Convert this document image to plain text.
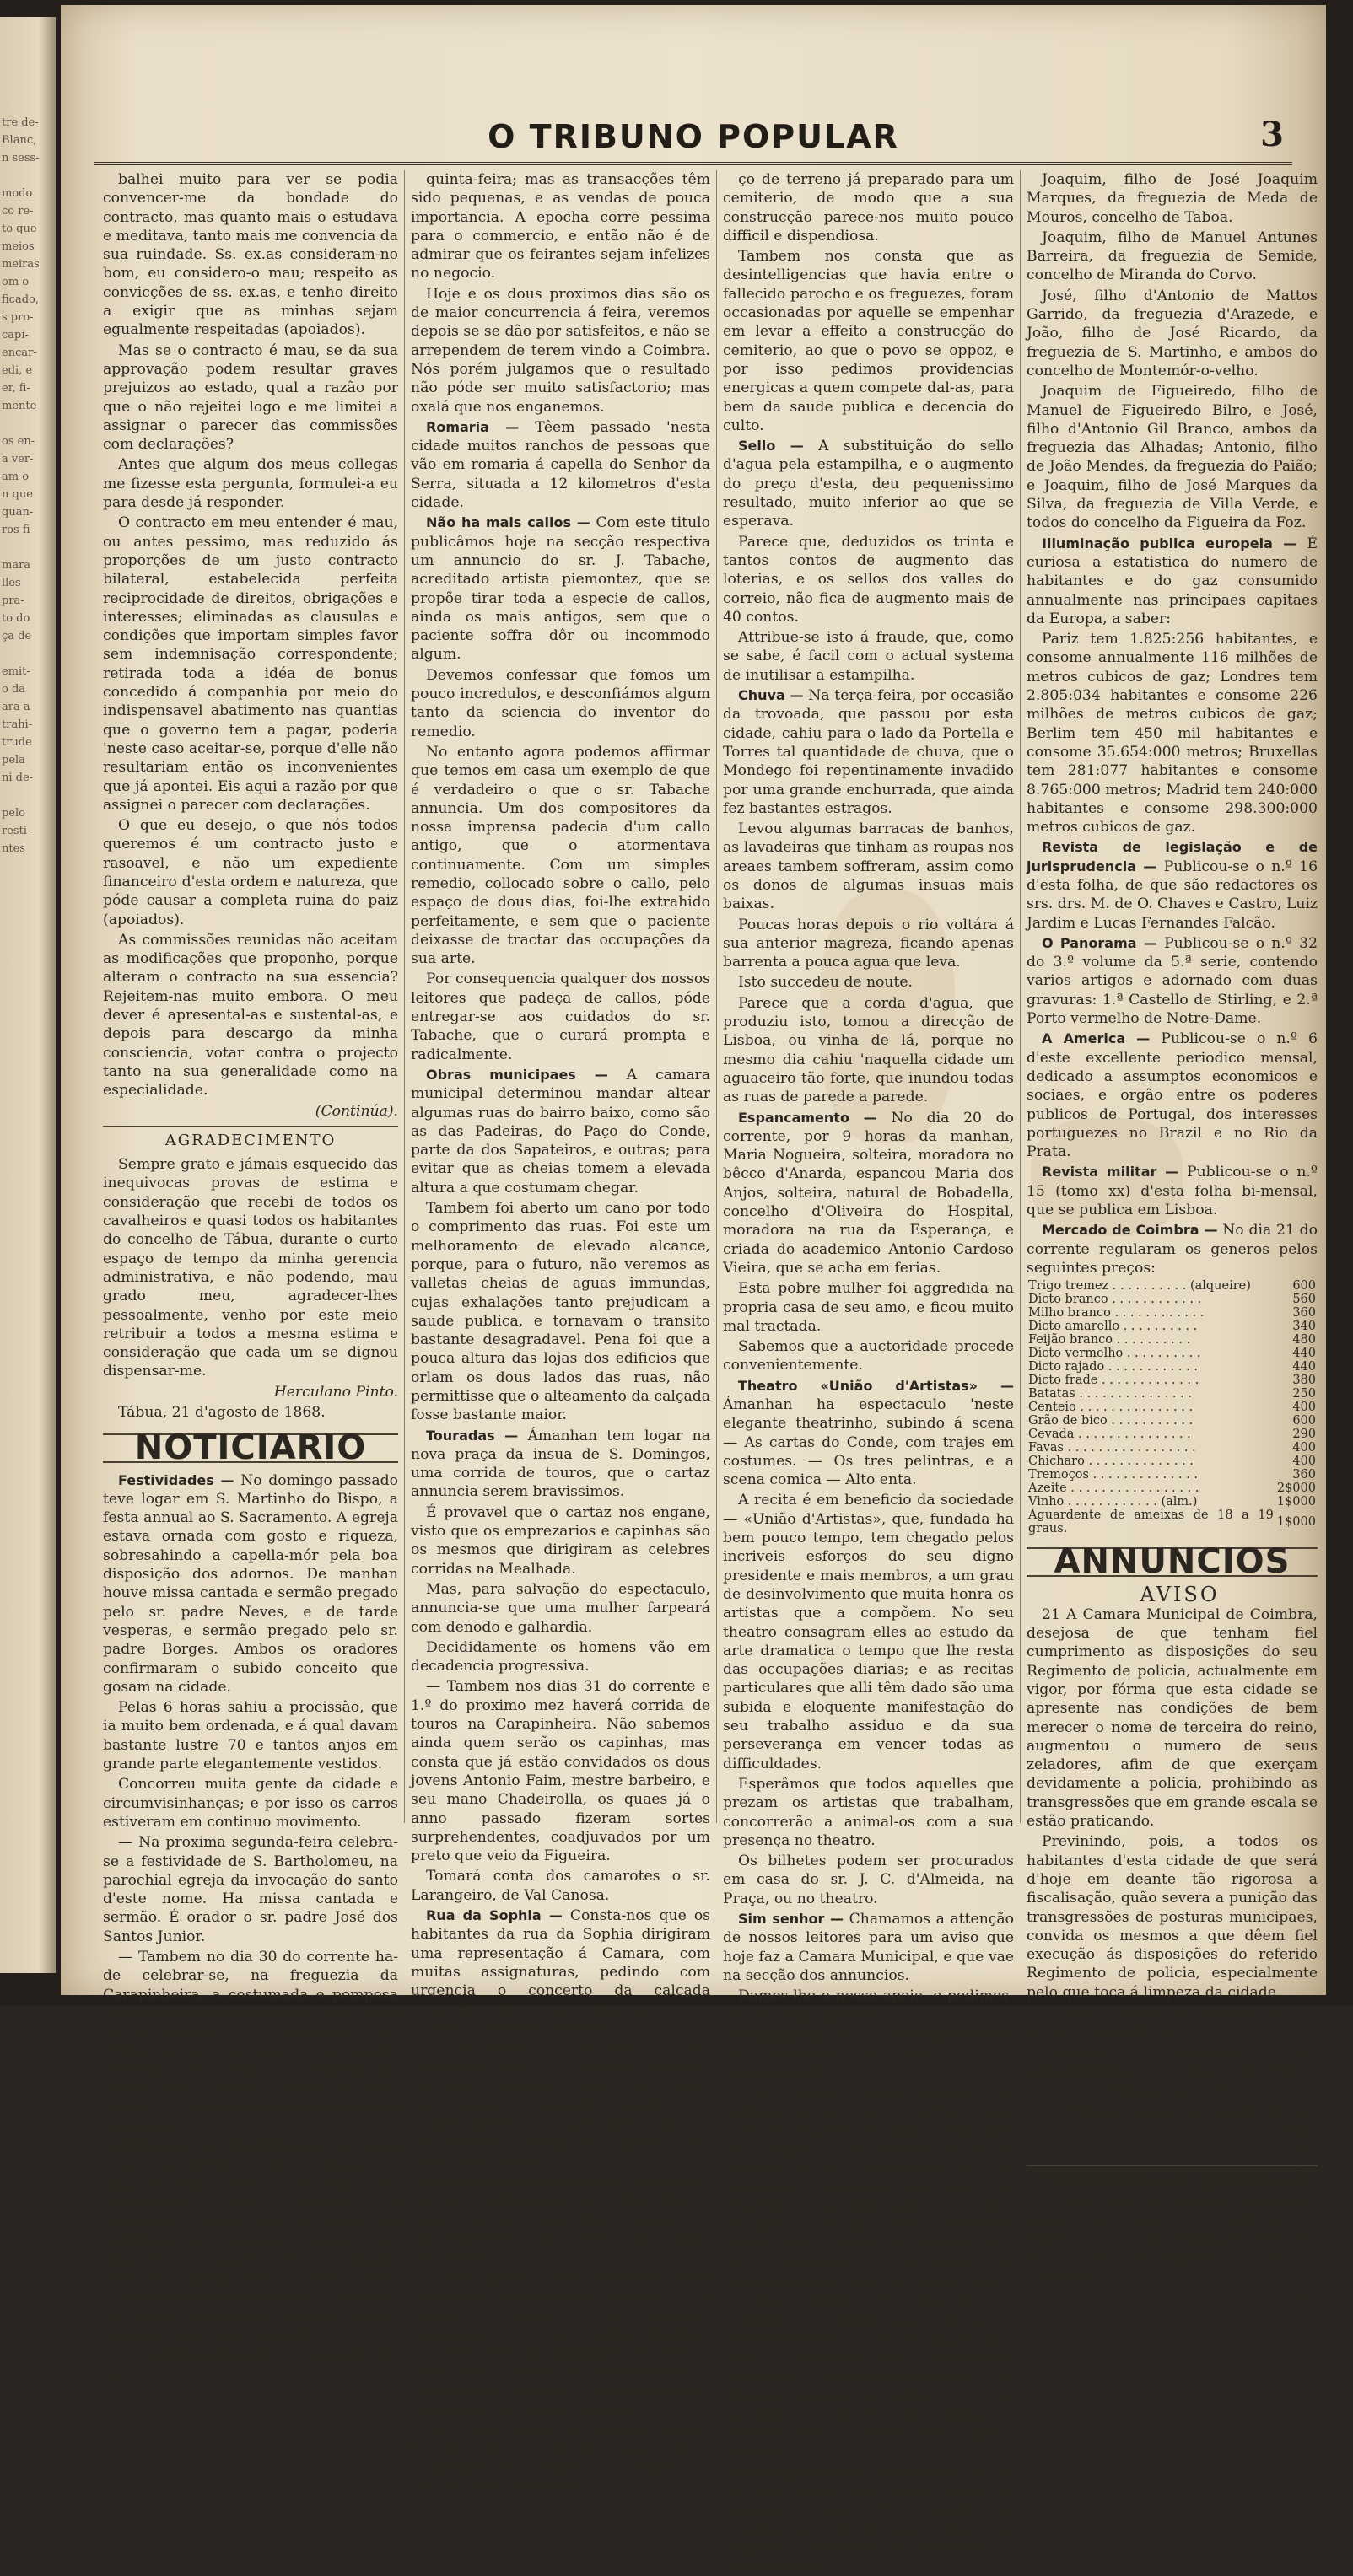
tre de-
Blanc,
n sess-
modo
co re-
to que
meios
meiras
om o
ficado,
s pro-
capi-
encar-
edi, e
er, fi-
mente
os en-
a ver-
am o
n que
quan-
ros fi-
mara
lles
pra-
to do
ça de
emit-
o da
ara a
trahi-
trude
pela
ni de-
pelo
resti-
ntes
O TRIBUNO POPULAR	3

balhei muito para ver se podia convencer-me da bondade do contracto, mas quanto mais o estudava e meditava, tanto mais me convencia da sua ruindade. Ss. ex.as consideram-no bom, eu considero-o mau; respeito as convicções de ss. ex.as, e tenho direito a exigir que as minhas sejam egualmente respeitadas (apoiados).

Mas se o contracto é mau, se da sua approvação podem resultar graves prejuizos ao estado, qual a razão por que o não rejeitei logo e me limitei a assignar o parecer das commissões com declarações?

Antes que algum dos meus collegas me fizesse esta pergunta, formulei-a eu para desde já responder.

O contracto em meu entender é mau, ou antes pessimo, mas reduzido ás proporções de um justo contracto bilateral, estabelecida perfeita reciprocidade de direitos, obrigações e interesses; eliminadas as clausulas e condições que importam simples favor sem indemnisação correspondente; retirada toda a idéa de bonus concedido á companhia por meio do indispensavel abatimento nas quantias que o governo tem a pagar, poderia 'neste caso aceitar-se, porque d'elle não resultariam então os inconvenientes que já apontei. Eis aqui a razão por que assignei o parecer com declarações.

O que eu desejo, o que nós todos queremos é um contracto justo e rasoavel, e não um expediente financeiro d'esta ordem e natureza, que póde causar a completa ruina do paiz (apoiados).

As commissões reunidas não aceitam as modificações que proponho, porque alteram o contracto na sua essencia? Rejeitem-nas muito embora. O meu dever é apresental-as e sustental-as, e depois para descargo da minha consciencia, votar contra o projecto tanto na sua generalidade como na especialidade.

(Continúa).

AGRADECIMENTO

Sempre grato e jámais esquecido das inequivocas provas de estima e consideração que recebi de todos os cavalheiros e quasi todos os habitantes do concelho de Tábua, durante o curto espaço de tempo da minha gerencia administrativa, e não podendo, mau grado meu, agradecer-lhes pessoalmente, venho por este meio retribuir a todos a mesma estima e consideração que cada um se dignou dispensar-me.

Herculano Pinto.

Tábua, 21 d'agosto de 1868.

NOTICIARIO

Festividades — No domingo passado teve logar em S. Martinho do Bispo, a festa annual ao S. Sacramento. A egreja estava ornada com gosto e riqueza, sobresahindo a capella-mór pela boa disposição dos adornos. De manhan houve missa cantada e sermão pregado pelo sr. padre Neves, e de tarde vesperas, e sermão pregado pelo sr. padre Borges. Ambos os oradores confirmaram o subido conceito que gosam na cidade.

Pelas 6 horas sahiu a procissão, que ia muito bem ordenada, e á qual davam bastante lustre 70 e tantos anjos em grande parte elegantemente vestidos.

Concorreu muita gente da cidade e circumvisinhanças; e por isso os carros estiveram em continuo movimento.

— Na proxima segunda-feira celebra-se a festividade de S. Bartholomeu, na parochial egreja da invocação do santo d'este nome. Ha missa cantada e sermão. É orador o sr. padre José dos Santos Junior.

— Tambem no dia 30 do corrente ha-de celebrar-se, na freguezia da Carapinheira, a costumada e pomposa festa de Nossa Senhora das Dores, com missa solemne e procissão. São oradores, de manhan o sr. padre Torreira, e de tarde o sr. vigario das Means. Na vespera á noute ha fogo preso, e a tudo assistirá a philarmonica Boa-União.

Feira de S. Bartholomeu — Esta feira, que ainda ha poucos annos era uma das mais notaveis do reino, está actualmente muito reduzida, e ressentiu-se, como todas as outras, da facilidade de communicações, que torna desnecessarios estes mercados annuaes. Apesar d'isso 'neste anno concorrem muitos feirantes, e por isso ha grande numero de barracas, talvez superior ao do anno passado.

Os estabelecimentos foram abertos na

quinta-feira; mas as transacções têm sido pequenas, e as vendas de pouca importancia. A epocha corre pessima para o commercio, e então não é de admirar que os feirantes sejam infelizes no negocio.

Hoje e os dous proximos dias são os de maior concurrencia á feira, veremos depois se se dão por satisfeitos, e não se arrependem de terem vindo a Coimbra. Nós porém julgamos que o resultado não póde ser muito satisfactorio; mas oxalá que nos enganemos.

Romaria — Têem passado 'nesta cidade muitos ranchos de pessoas que vão em romaria á capella do Senhor da Serra, situada a 12 kilometros d'esta cidade.

Não ha mais callos — Com este titulo publicâmos hoje na secção respectiva um annuncio do sr. J. Tabache, acreditado artista piemontez, que se propõe tirar toda a especie de callos, ainda os mais antigos, sem que o paciente soffra dôr ou incommodo algum.

Devemos confessar que fomos um pouco incredulos, e desconfiámos algum tanto da sciencia do inventor do remedio.

No entanto agora podemos affirmar que temos em casa um exemplo de que é verdadeiro o que o sr. Tabache annuncia. Um dos compositores da nossa imprensa padecia d'um callo antigo, que o atormentava continuamente. Com um simples remedio, collocado sobre o callo, pelo espaço de dous dias, foi-lhe extrahido perfeitamente, e sem que o paciente deixasse de tractar das occupações da sua arte.

Por consequencia qualquer dos nossos leitores que padeça de callos, póde entregar-se aos cuidados do sr. Tabache, que o curará prompta e radicalmente.

Obras municipaes — A camara municipal determinou mandar altear algumas ruas do bairro baixo, como são as das Padeiras, do Paço do Conde, parte da dos Sapateiros, e outras; para evitar que as cheias tomem a elevada altura a que costumam chegar.

Tambem foi aberto um cano por todo o comprimento das ruas. Foi este um melhoramento de elevado alcance, porque, para o futuro, não veremos as valletas cheias de aguas immundas, cujas exhalações tanto prejudicam a saude publica, e tornavam o transito bastante desagradavel. Pena foi que a pouca altura das lojas dos edificios que orlam os dous lados das ruas, não permittisse que o alteamento da calçada fosse bastante maior.

Touradas — Ámanhan tem logar na nova praça da insua de S. Domingos, uma corrida de touros, que o cartaz annuncia serem bravissimos.

É provavel que o cartaz nos engane, visto que os emprezarios e capinhas são os mesmos que dirigiram as celebres corridas na Mealhada.

Mas, para salvação do espectaculo, annuncia-se que uma mulher farpeará com denodo e galhardia.

Decididamente os homens vão em decadencia progressiva.

— Tambem nos dias 31 do corrente e 1.º do proximo mez haverá corrida de touros na Carapinheira. Não sabemos ainda quem serão os capinhas, mas consta que já estão convidados os dous jovens Antonio Faim, mestre barbeiro, e seu mano Chadeirolla, os quaes já o anno passado fizeram sortes surprehendentes, coadjuvados por um preto que veio da Figueira.

Tomará conta dos camarotes o sr. Larangeiro, de Val Canosa.

Rua da Sophia — Consta-nos que os habitantes da rua da Sophia dirigiram uma representação á Camara, com muitas assignaturas, pedindo com urgencia o concerto da calçada d'aquella rua, a mais principal d'esta cidade e a mais transitada.

É de justiça o pedido, e nós esperamos que a Camara mandará proceder áquella obra de tanta necessidade, evitando assim os inconvenientes e prejuizos que a pessima tem causado aos edificios e aos habitantes da rua.

Pedimos providencias — Informam-nos que na freguezia de S. Martinho do Bispo, d'este concelho, ainda os enterramentos são feitos na egreja parochial.

Esta freguezia é muito populosa, e por isso o numero dos obitos é grande; e ou porque o templo é de pequenas proporções, ou por outra qualquer circumstancia que ignoramos, ha muitas vezes mau cheiro, que incommoda as pessoas que 'naquelle templo assistem á celebração dos officios divinos.

Isto é consequencia, segundo cremos, de desleixo e incuria, tanto mais indisculpaveis, quanto, contiguo á egreja, existe um peda-

ço de terreno já preparado para um cemiterio, de modo que a sua construcção parece-nos muito pouco difficil e dispendiosa.

Tambem nos consta que as desintelligencias que havia entre o fallecido parocho e os freguezes, foram occasionadas por aquelle se empenhar em levar a effeito a construcção do cemiterio, ao que o povo se oppoz, e por isso pedimos providencias energicas a quem compete dal-as, para bem da saude publica e decencia do culto.

Sello — A substituição do sello d'agua pela estampilha, e o augmento do preço d'esta, deu pequenissimo resultado, muito inferior ao que se esperava.

Parece que, deduzidos os trinta e tantos contos de augmento das loterias, e os sellos dos valles do correio, não fica de augmento mais de 40 contos.

Attribue-se isto á fraude, que, como se sabe, é facil com o actual systema de inutilisar a estampilha.

Chuva — Na terça-feira, por occasião da trovoada, que passou por esta cidade, cahiu para o lado da Portella e Torres tal quantidade de chuva, que o Mondego foi repentinamente invadido por uma grande enchurrada, que ainda fez bastantes estragos.

Levou algumas barracas de banhos, as lavadeiras que tinham as roupas nos areaes tambem soffreram, assim como os donos de algumas insuas mais baixas.

Poucas horas depois o rio voltára á sua anterior magreza, ficando apenas barrenta a pouca agua que leva.

Isto succedeu de noute.

Parece que a corda d'agua, que produziu isto, tomou a direcção de Lisboa, ou vinha de lá, porque no mesmo dia cahiu 'naquella cidade um aguaceiro tão forte, que inundou todas as ruas de parede a parede.

Espancamento — No dia 20 do corrente, por 9 horas da manhan, Maria Nogueira, solteira, moradora no bêcco d'Anarda, espancou Maria dos Anjos, solteira, natural de Bobadella, concelho d'Oliveira do Hospital, moradora na rua da Esperança, e criada do academico Antonio Cardoso Vieira, que se acha em ferias.

Esta pobre mulher foi aggredida na propria casa de seu amo, e ficou muito mal tractada.

Sabemos que a auctoridade procede convenientemente.

Theatro «União d'Artistas» — Ámanhan ha espectaculo 'neste elegante theatrinho, subindo á scena — As cartas do Conde, com trajes em costumes. — Os tres pelintras, e a scena comica — Alto enta.

A recita é em beneficio da sociedade — «União d'Artistas», que, fundada ha bem pouco tempo, tem chegado pelos incriveis esforços do seu digno presidente e mais membros, a um grau de desinvolvimento que muita honra os artistas que a compõem. No seu theatro consagram elles ao estudo da arte dramatica o tempo que lhe resta das occupações diarias; e as recitas particulares que alli têm dado são uma subida e eloquente manifestação do seu trabalho assiduo e da sua perseverança em vencer todas as difficuldades.

Esperâmos que todos aquelles que prezam os artistas que trabalham, concorrerão a animal-os com a sua presença no theatro.

Os bilhetes podem ser procurados em casa do sr. J. C. d'Almeida, na Praça, ou no theatro.

Sim senhor — Chamamos a attenção de nossos leitores para um aviso que hoje faz a Camara Municipal, e que vae na secção dos annuncios.

Damos-lhe o nosso apoio, e pedimos-lhe que seja rigorosa.

Julgamento — Na correspondencia do Commercio do Porto lê-se a seguinte noticia:

«Foi julgado como ausente no tribunal do Alemquer o bacharel João Lucio de Figueiredo Lima, conhecido em Coimbra pelo Arruada de Lima, valentão, e que é accusado de ter pretendido assassinar com tiros de revolver e com punhaladas o tabellião de Lisboa, o sr. dr. Mattos e Carvalho. Dando o jury o crime por provado, foi o réu condemnado a 12 annos de trabalhos publicos no ultramar, ou a 3 de prisão cellular e a 8 de degredo.»

Vinho — Segundo uma noticia do Diario Mercantil, é extraordinaria este anno a colheita do vinho na provincia do Minho. Começaram já a fazer-se as vindimas em alguns pontos, e o preço do vinho no concelho de Vianna do Castello corre já a 8$000 réis a pipa, e a menos.

Recrutamento — Por decreto de 27 do mez findo, inserto no Diario de Lisboa n.º 184 de 18 do corrente, foi denegado provimento aos recursos dos seguintes mancebos pertencentes a este Districto:

Joaquim, filho de José Joaquim Marques, da freguezia de Meda de Mouros, concelho de Taboa.

Joaquim, filho de Manuel Antunes Barreira, da freguezia de Semide, concelho de Miranda do Corvo.

José, filho d'Antonio de Mattos Garrido, da freguezia d'Arazede, e João, filho de José Ricardo, da freguezia de S. Martinho, e ambos do concelho de Montemór-o-velho.

Joaquim de Figueiredo, filho de Manuel de Figueiredo Bilro, e José, filho d'Antonio Gil Branco, ambos da freguezia das Alhadas; Antonio, filho de João Mendes, da freguezia do Paião; e Joaquim, filho de José Marques da Silva, da freguezia de Villa Verde, e todos do concelho da Figueira da Foz.

Illuminação publica europeia — É curiosa a estatistica do numero de habitantes e do gaz consumido annualmente nas principaes capitaes da Europa, a saber:

Pariz tem 1.825:256 habitantes, e consome annualmente 116 milhões de metros cubicos de gaz; Londres tem 2.805:034 habitantes e consome 226 milhões de metros cubicos de gaz; Berlim tem 450 mil habitantes e consome 35.654:000 metros; Bruxellas tem 281:077 habitantes e consome 8.765:000 metros; Madrid tem 240:000 habitantes e consome 298.300:000 metros cubicos de gaz.

Revista de legislação e de jurisprudencia — Publicou-se o n.º 16 d'esta folha, de que são redactores os srs. drs. M. de O. Chaves e Castro, Luiz Jardim e Lucas Fernandes Falcão.

O Panorama — Publicou-se o n.º 32 do 3.º volume da 5.ª serie, contendo varios artigos e adornado com duas gravuras: 1.ª Castello de Stirling, e 2.ª Porto vermelho de Notre-Dame.

A America — Publicou-se o n.º 6 d'este excellente periodico mensal, dedicado a assumptos economicos e sociaes, e orgão entre os poderes publicos de Portugal, dos interesses portuguezes no Brazil e no Rio da Prata.

Revista militar — Publicou-se o n.º 15 (tomo xx) d'esta folha bi-mensal, que se publica em Lisboa.

Mercado de Coimbra — No dia 21 do corrente regularam os generos pelos seguintes preços:

Trigo tremez . . . . . . . . . . (alqueire)	600
Dicto branco . . . . . . . . . . . .	560
Milho branco . . . . . . . . . . . .	360
Dicto amarello . . . . . . . . . .	340
Feijão branco . . . . . . . . . .	480
Dicto vermelho . . . . . . . . . .	440
Dicto rajado . . . . . . . . . . . .	440
Dicto frade . . . . . . . . . . . . .	380
Batatas . . . . . . . . . . . . . . .	250
Centeio . . . . . . . . . . . . . . .	400
Grão de bico . . . . . . . . . . .	600
Cevada . . . . . . . . . . . . . . .	290
Favas . . . . . . . . . . . . . . . . .	400
Chicharo . . . . . . . . . . . . . .	400
Tremoços . . . . . . . . . . . . . .	360
Azeite . . . . . . . . . . . . . . . . .	2$000
Vinho . . . . . . . . . . . . (alm.)	1$000
Aguardente de ameixas de 18 a 19 graus.	1$000
ANNUNCIOS

AVISO

21 A Camara Municipal de Coimbra, desejosa de que tenham fiel cumprimento as disposições do seu Regimento de policia, actualmente em vigor, por fórma que esta cidade se apresente nas condições de bem merecer o nome de terceira do reino, augmentou o numero de seus zeladores, afim de que exerçam devidamente a policia, prohibindo as transgressões que em grande escala se estão praticando.

Previnindo, pois, a todos os habitantes d'esta cidade de que será d'hoje em deante tão rigorosa a fiscalisação, quão severa a punição das transgressões de posturas municipaes, convida os mesmos a que dêem fiel execução ás disposições do referido Regimento de policia, especialmente pelo que toca á limpeza da cidade.

E para constar se passou este e outros d'egual theor.

Coimbra, secretaria da municipalidade, 21 d'agosto de 1868.

O vice-presidente,

Anthero Augusto d'Almeida Araujo Pinto.

(1)

Praticante de pharmacia

22 Precisa-se de um que tenha pelo menos um anno de pratica: — Pharmacia de Luiz Rodrigues Ferreira Neves, rua da Sophia, n.º 82 — Coimbra.

(1)
